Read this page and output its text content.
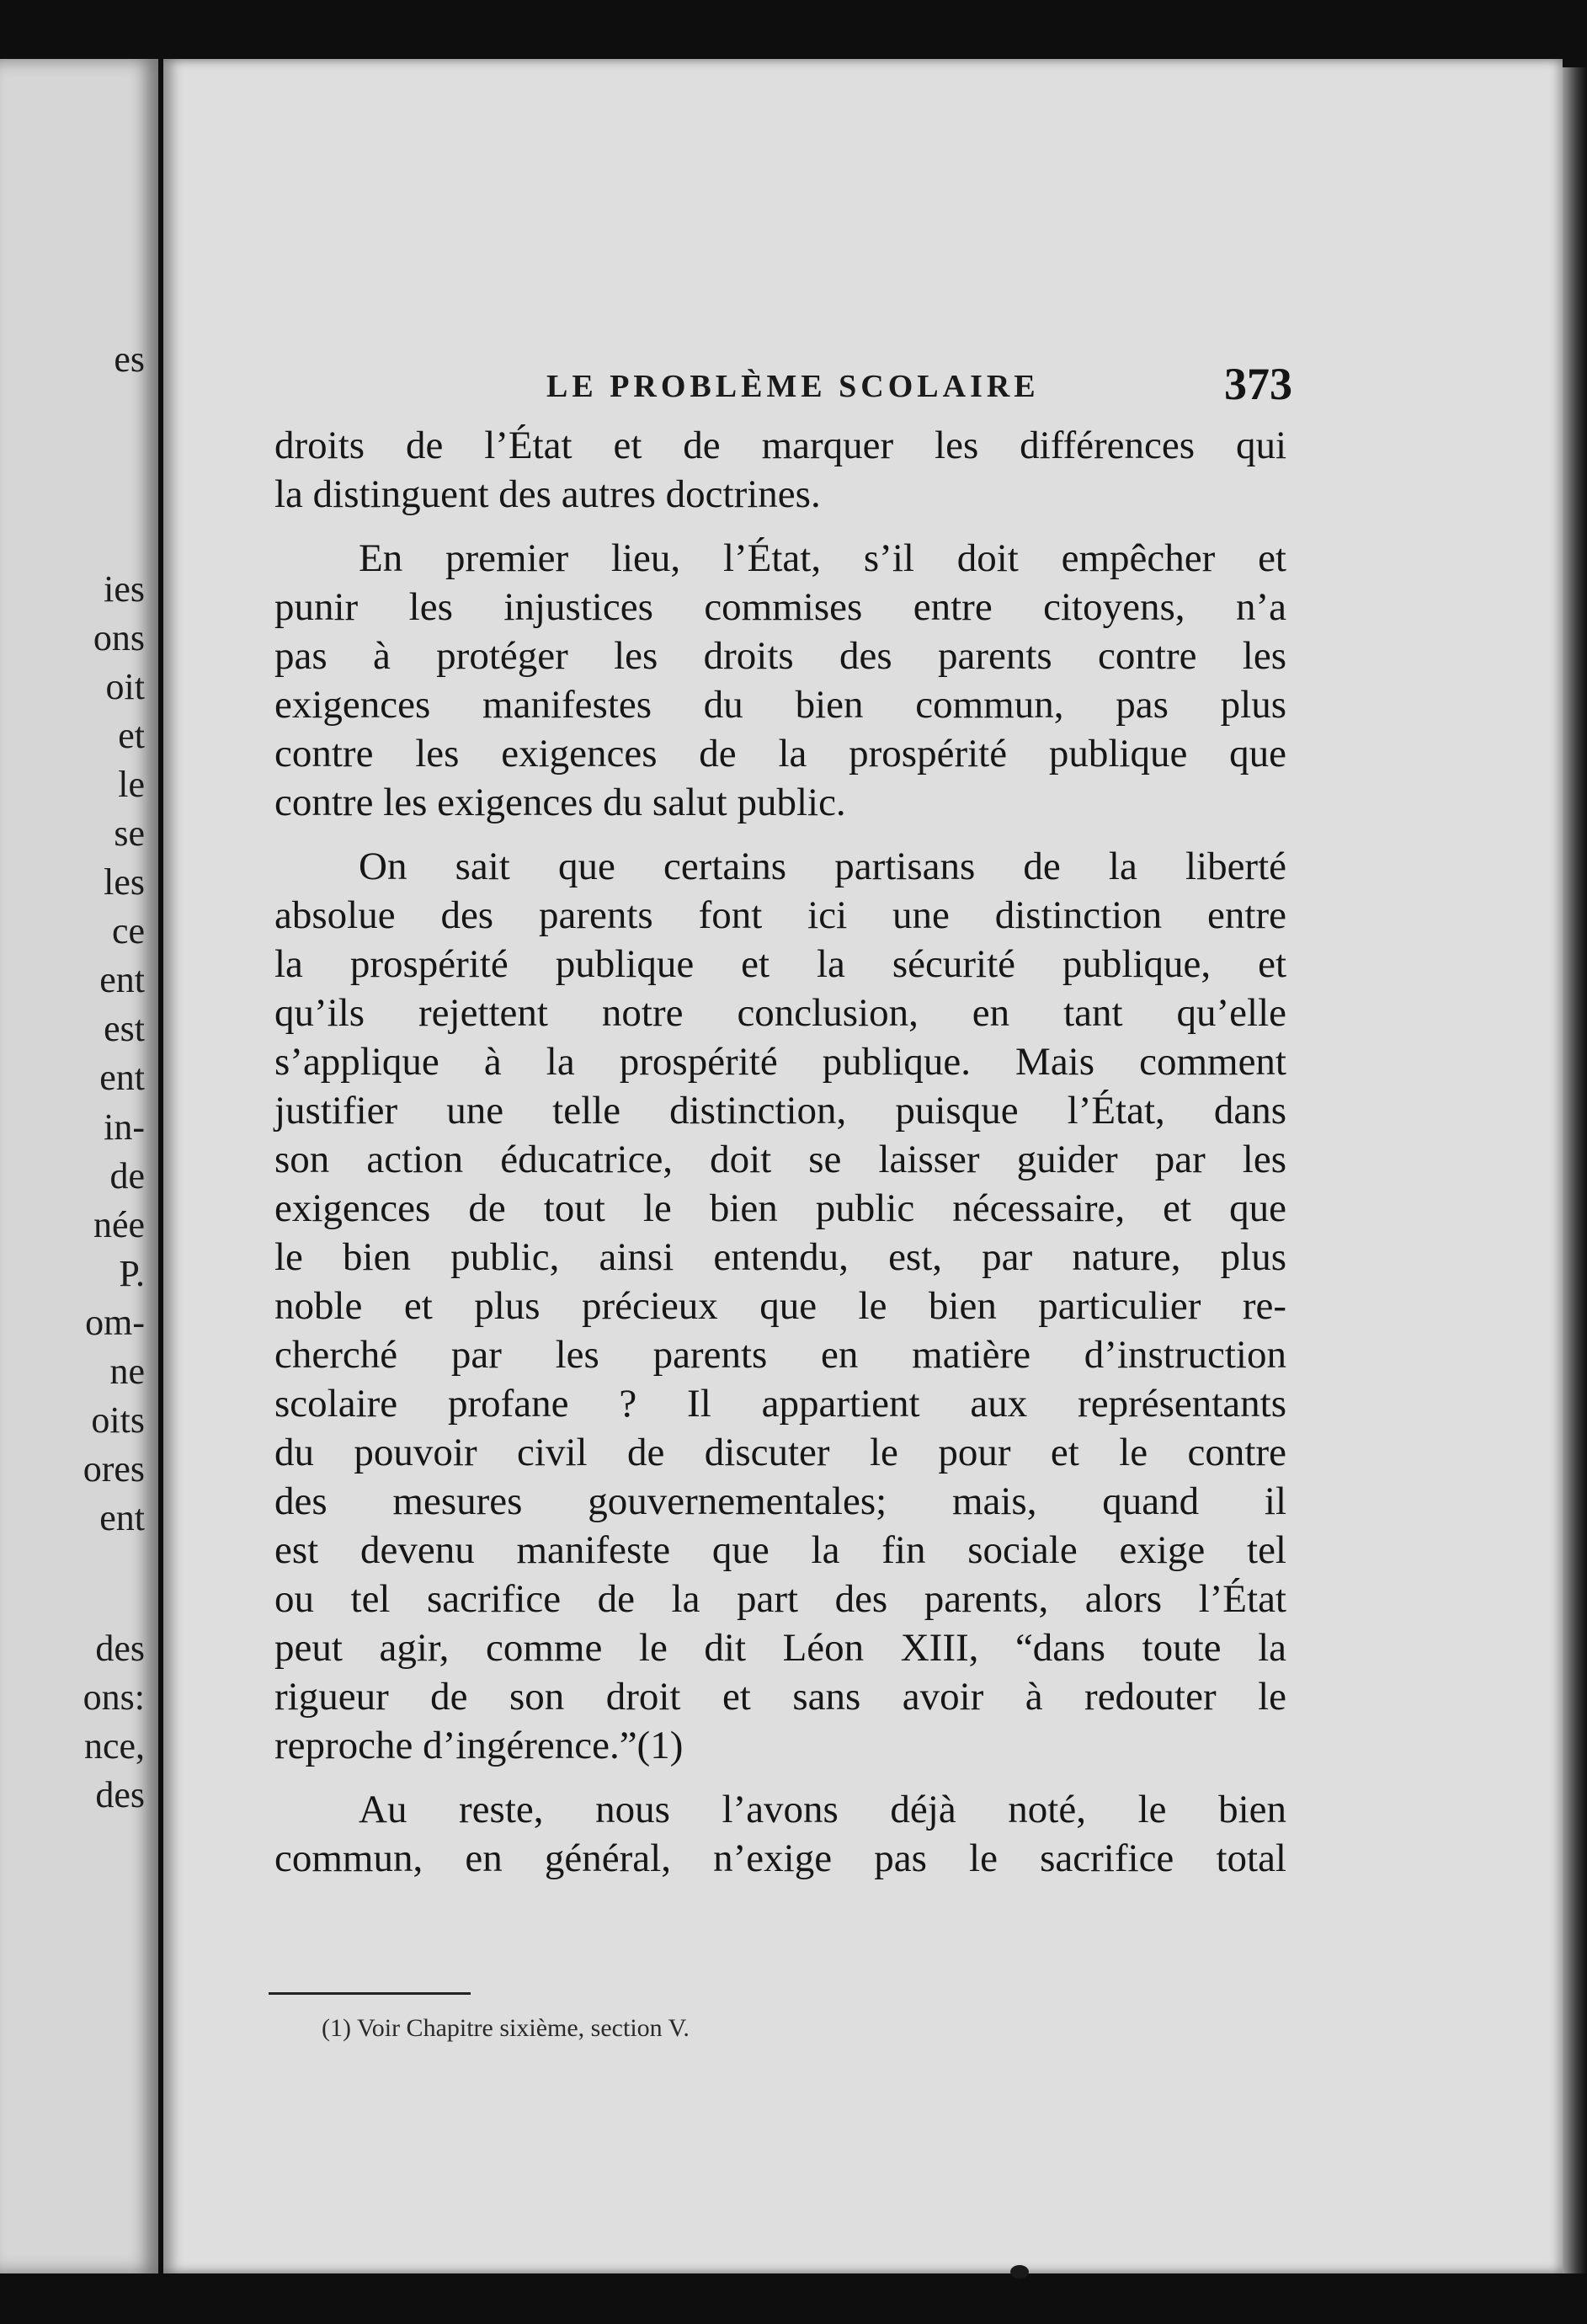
es
ies
ons
oit
et
le
se
les
ce
ent
est
ent
in-
de
née
P.
om-
ne
oits
ores
ent
des
ons:
nce,
des
LE PROBLÈME SCOLAIRE	373
droits de l’État et de marquer les différences qui
la distinguent des autres doctrines.
En premier lieu, l’État, s’il doit empêcher et
punir les injustices commises entre citoyens, n’a
pas à protéger les droits des parents contre les
exigences manifestes du bien commun, pas plus
contre les exigences de la prospérité publique que
contre les exigences du salut public.
On sait que certains partisans de la liberté
absolue des parents font ici une distinction entre
la prospérité publique et la sécurité publique, et
qu’ils rejettent notre conclusion, en tant qu’elle
s’applique à la prospérité publique. Mais comment
justifier une telle distinction, puisque l’État, dans
son action éducatrice, doit se laisser guider par les
exigences de tout le bien public nécessaire, et que
le bien public, ainsi entendu, est, par nature, plus
noble et plus précieux que le bien particulier re-
cherché par les parents en matière d’instruction
scolaire profane ? Il appartient aux représentants
du pouvoir civil de discuter le pour et le contre
des mesures gouvernementales; mais, quand il
est devenu manifeste que la fin sociale exige tel
ou tel sacrifice de la part des parents, alors l’État
peut agir, comme le dit Léon XIII, “dans toute la
rigueur de son droit et sans avoir à redouter le
reproche d’ingérence.”(1)
Au reste, nous l’avons déjà noté, le bien
commun, en général, n’exige pas le sacrifice total
(1) Voir Chapitre sixième, section V.
